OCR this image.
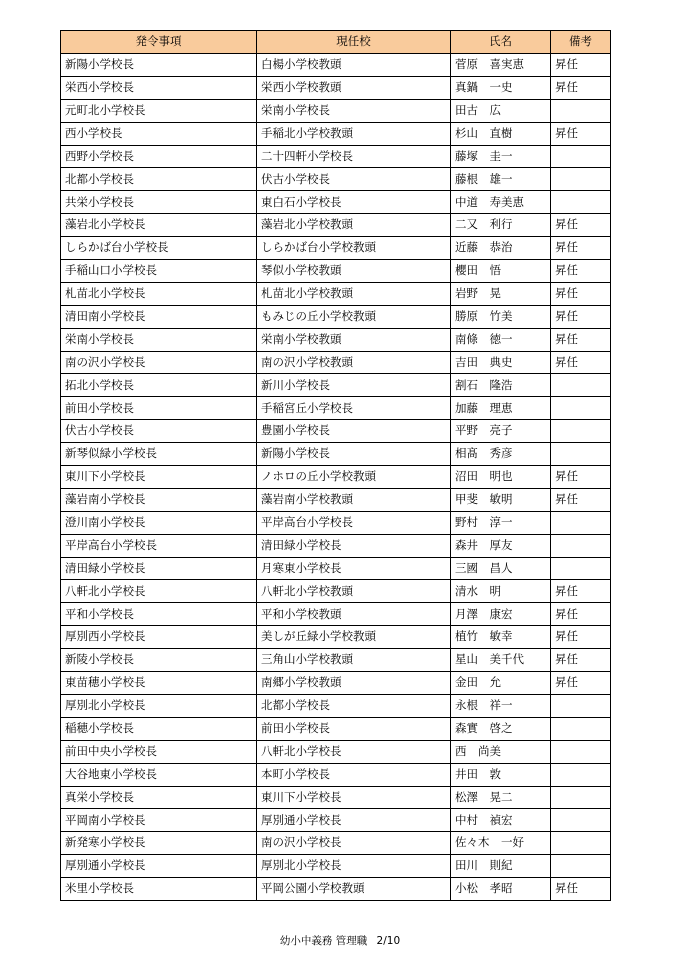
発令事項	現任校	氏名	備考
新陽小学校長	白楊小学校教頭	菅原　喜実恵	昇任
栄西小学校長	栄西小学校教頭	真鍋　一史	昇任
元町北小学校長	栄南小学校長	田古　広	
西小学校長	手稲北小学校教頭	杉山　直樹	昇任
西野小学校長	二十四軒小学校長	藤塚　圭一	
北都小学校長	伏古小学校長	藤根　雄一	
共栄小学校長	東白石小学校長	中道　寿美恵	
藻岩北小学校長	藻岩北小学校教頭	二又　利行	昇任
しらかば台小学校長	しらかば台小学校教頭	近藤　恭治	昇任
手稲山口小学校長	琴似小学校教頭	櫻田　悟	昇任
札苗北小学校長	札苗北小学校教頭	岩野　晃	昇任
清田南小学校長	もみじの丘小学校教頭	勝原　竹美	昇任
栄南小学校長	栄南小学校教頭	南條　徳一	昇任
南の沢小学校長	南の沢小学校教頭	吉田　典史	昇任
拓北小学校長	新川小学校長	割石　隆浩	
前田小学校長	手稲宮丘小学校長	加藤　理恵	
伏古小学校長	豊園小学校長	平野　亮子	
新琴似緑小学校長	新陽小学校長	相髙　秀彦	
東川下小学校長	ノホロの丘小学校教頭	沼田　明也	昇任
藻岩南小学校長	藻岩南小学校教頭	甲斐　敏明	昇任
澄川南小学校長	平岸高台小学校長	野村　淳一	
平岸高台小学校長	清田緑小学校長	森井　厚友	
清田緑小学校長	月寒東小学校長	三國　昌人	
八軒北小学校長	八軒北小学校教頭	清水　明	昇任
平和小学校長	平和小学校教頭	月澤　康宏	昇任
厚別西小学校長	美しが丘緑小学校教頭	植竹　敏幸	昇任
新陵小学校長	三角山小学校教頭	星山　美千代	昇任
東苗穂小学校長	南郷小学校教頭	金田　允	昇任
厚別北小学校長	北都小学校長	永根　祥一	
稲穂小学校長	前田小学校長	森實　啓之	
前田中央小学校長	八軒北小学校長	西　尚美	
大谷地東小学校長	本町小学校長	井田　敦	
真栄小学校長	東川下小学校長	松澤　晃二	
平岡南小学校長	厚別通小学校長	中村　禎宏	
新発寒小学校長	南の沢小学校長	佐々木　一好	
厚別通小学校長	厚別北小学校長	田川　則紀	
米里小学校長	平岡公園小学校教頭	小松　孝昭	昇任
幼小中義務 管理職 2/10
